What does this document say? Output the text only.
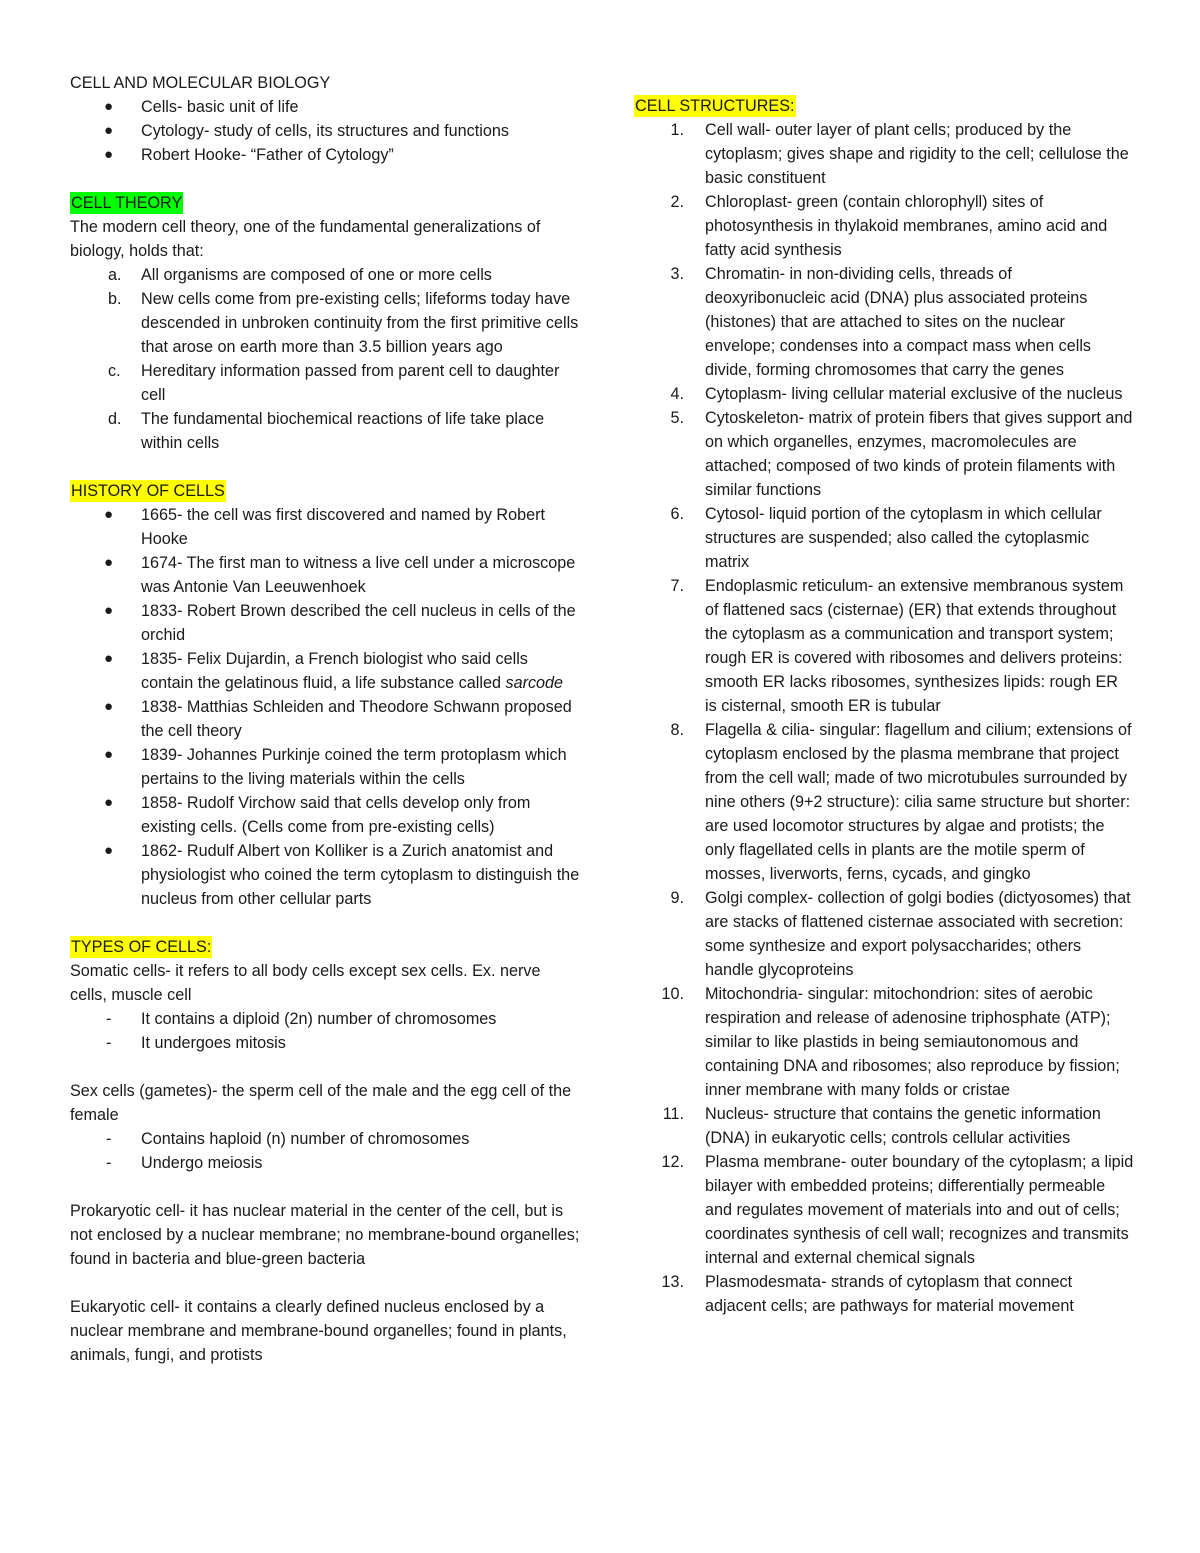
CELL AND MOLECULAR BIOLOGY

● Cells- basic unit of life
● Cytology- study of cells, its structures and functions
● Robert Hooke- “Father of Cytology”
CELL THEORY

The modern cell theory, one of the fundamental generalizations of biology, holds that:

a. All organisms are composed of one or more cells
b. New cells come from pre-existing cells; lifeforms today have descended in unbroken continuity from the first primitive cells that arose on earth more than 3.5 billion years ago
c. Hereditary information passed from parent cell to daughter cell
d. The fundamental biochemical reactions of life take place within cells
HISTORY OF CELLS
● 1665- the cell was first discovered and named by Robert Hooke
● 1674- The first man to witness a live cell under a microscope was Antonie Van Leeuwenhoek
● 1833- Robert Brown described the cell nucleus in cells of the orchid
● 1835- Felix Dujardin, a French biologist who said cells contain the gelatinous fluid, a life substance called sarcode
● 1838- Matthias Schleiden and Theodore Schwann proposed the cell theory
● 1839- Johannes Purkinje coined the term protoplasm which pertains to the living materials within the cells
● 1858- Rudolf Virchow said that cells develop only from existing cells. (Cells come from pre-existing cells)
● 1862- Rudulf Albert von Kolliker is a Zurich anatomist and physiologist who coined the term cytoplasm to distinguish the nucleus from other cellular parts
TYPES OF CELLS:

Somatic cells- it refers to all body cells except sex cells. Ex. nerve cells, muscle cell

- It contains a diploid (2n) number of chromosomes
- It undergoes mitosis

Sex cells (gametes)- the sperm cell of the male and the egg cell of the female

- Contains haploid (n) number of chromosomes
- Undergo meiosis

Prokaryotic cell- it has nuclear material in the center of the cell, but is not enclosed by a nuclear membrane; no membrane-bound organelles; found in bacteria and blue-green bacteria

Eukaryotic cell- it contains a clearly defined nucleus enclosed by a nuclear membrane and membrane-bound organelles; found in plants, animals, fungi, and protists

CELL STRUCTURES:
1. Cell wall- outer layer of plant cells; produced by the cytoplasm; gives shape and rigidity to the cell; cellulose the basic constituent
2. Chloroplast- green (contain chlorophyll) sites of photosynthesis in thylakoid membranes, amino acid and fatty acid synthesis
3. Chromatin- in non-dividing cells, threads of deoxyribonucleic acid (DNA) plus associated proteins (histones) that are attached to sites on the nuclear envelope; condenses into a compact mass when cells divide, forming chromosomes that carry the genes
4. Cytoplasm- living cellular material exclusive of the nucleus
5. Cytoskeleton- matrix of protein fibers that gives support and on which organelles, enzymes, macromolecules are attached; composed of two kinds of protein filaments with similar functions
6. Cytosol- liquid portion of the cytoplasm in which cellular structures are suspended; also called the cytoplasmic matrix
7. Endoplasmic reticulum- an extensive membranous system of flattened sacs (cisternae) (ER) that extends throughout the cytoplasm as a communication and transport system; rough ER is covered with ribosomes and delivers proteins: smooth ER lacks ribosomes, synthesizes lipids: rough ER is cisternal, smooth ER is tubular
8. Flagella & cilia- singular: flagellum and cilium; extensions of cytoplasm enclosed by the plasma membrane that project from the cell wall; made of two microtubules surrounded by nine others (9+2 structure): cilia same structure but shorter: are used locomotor structures by algae and protists; the only flagellated cells in plants are the motile sperm of mosses, liverworts, ferns, cycads, and gingko
9. Golgi complex- collection of golgi bodies (dictyosomes) that are stacks of flattened cisternae associated with secretion: some synthesize and export polysaccharides; others handle glycoproteins
10. Mitochondria- singular: mitochondrion: sites of aerobic respiration and release of adenosine triphosphate (ATP); similar to like plastids in being semiautonomous and containing DNA and ribosomes; also reproduce by fission; inner membrane with many folds or cristae
11. Nucleus- structure that contains the genetic information (DNA) in eukaryotic cells; controls cellular activities
12. Plasma membrane- outer boundary of the cytoplasm; a lipid bilayer with embedded proteins; differentially permeable and regulates movement of materials into and out of cells; coordinates synthesis of cell wall; recognizes and transmits internal and external chemical signals
13. Plasmodesmata- strands of cytoplasm that connect adjacent cells; are pathways for material movement
